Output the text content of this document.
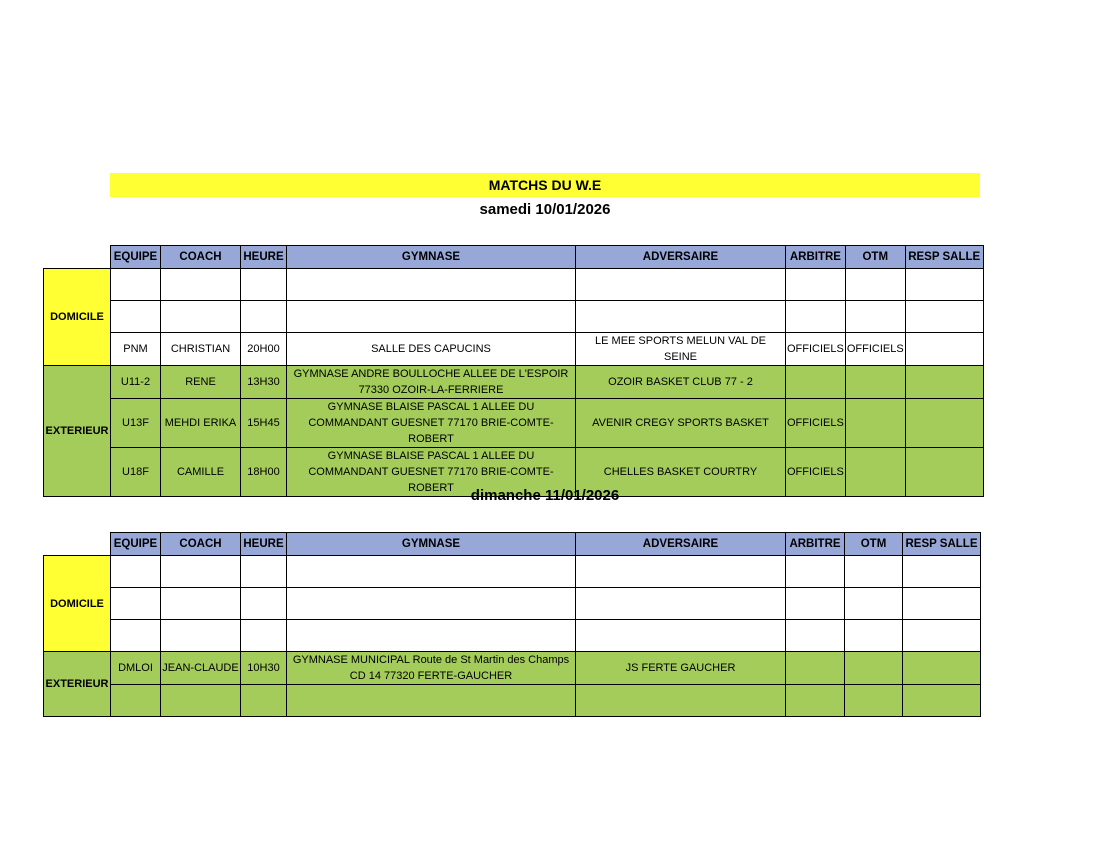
MATCHS DU W.E
samedi 10/01/2026
	EQUIPE	COACH	HEURE	GYMNASE	ADVERSAIRE	ARBITRE	OTM	RESP SALLE
DOMICILE								

	PNM	CHRISTIAN	20H00	SALLE DES CAPUCINS	LE MEE SPORTS MELUN VAL DE SEINE	OFFICIELS	OFFICIELS	
EXTERIEUR	U11-2	RENE	13H30	GYMNASE ANDRE BOULLOCHE ALLEE DE L'ESPOIR 77330 OZOIR-LA-FERRIERE	OZOIR BASKET CLUB 77 - 2			
	U13F	MEHDI ERIKA	15H45	GYMNASE BLAISE PASCAL 1 ALLEE DU COMMANDANT GUESNET 77170 BRIE-COMTE-ROBERT	AVENIR CREGY SPORTS BASKET	OFFICIELS		
	U18F	CAMILLE	18H00	GYMNASE BLAISE PASCAL 1 ALLEE DU COMMANDANT GUESNET 77170 BRIE-COMTE-ROBERT	CHELLES BASKET COURTRY	OFFICIELS		
dimanche 11/01/2026
	EQUIPE	COACH	HEURE	GYMNASE	ADVERSAIRE	ARBITRE	OTM	RESP SALLE
DOMICILE								

EXTERIEUR	DMLOI	JEAN-CLAUDE	10H30	GYMNASE MUNICIPAL Route de St Martin des Champs CD 14 77320 FERTE-GAUCHER	JS FERTE GAUCHER			
